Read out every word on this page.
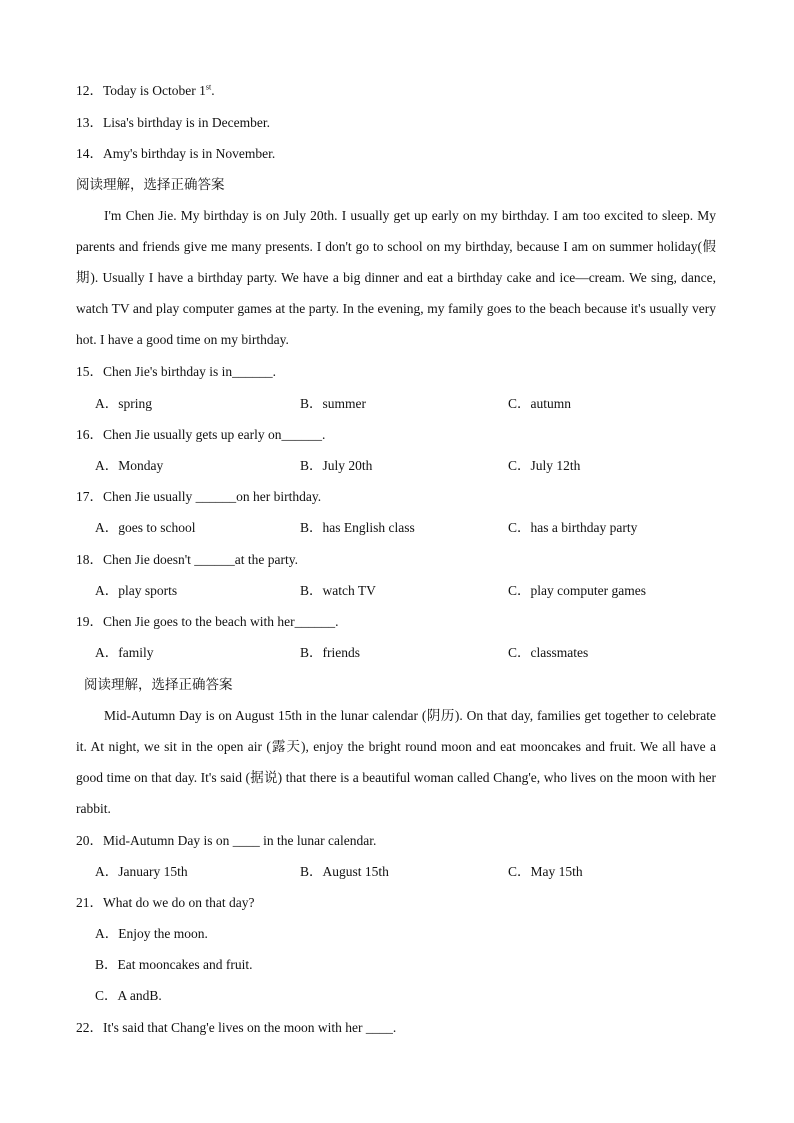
12．Today is October 1st.
13．Lisa's birthday is in December.
14．Amy's birthday is in November.
阅读理解，选择正确答案
I'm Chen Jie. My birthday is on July 20th. I usually get up early on my birthday. I am too excited to sleep. My parents and friends give me many presents. I don't go to school on my birthday, because I am on summer holiday(假期). Usually I have a birthday party. We have a big dinner and eat a birthday cake and ice—cream. We sing, dance, watch TV and play computer games at the party. In the evening, my family goes to the beach because it's usually very hot. I have a good time on my birthday.
15．Chen Jie's birthday is in______.
A．spring	B．summer	C．autumn
16．Chen Jie usually gets up early on______.
A．Monday	B．July 20th	C．July 12th
17．Chen Jie usually ______on her birthday.
A．goes to school	B．has English class	C．has a birthday party
18．Chen Jie doesn't ______at the party.
A．play sports	B．watch TV	C．play computer games
19．Chen Jie goes to the beach with her______.
A．family	B．friends	C．classmates
阅读理解，选择正确答案
Mid-Autumn Day is on August 15th in the lunar calendar (阴历). On that day, families get together to celebrate it. At night, we sit in the open air (露天), enjoy the bright round moon and eat mooncakes and fruit. We all have a good time on that day. It's said (据说) that there is a beautiful woman called Chang'e, who lives on the moon with her rabbit.
20．Mid-Autumn Day is on ____ in the lunar calendar.
A．January 15th	B．August 15th	C．May 15th
21．What do we do on that day?
A．Enjoy the moon.
B．Eat mooncakes and fruit.
C．A andB.
22．It's said that Chang'e lives on the moon with her ____.
